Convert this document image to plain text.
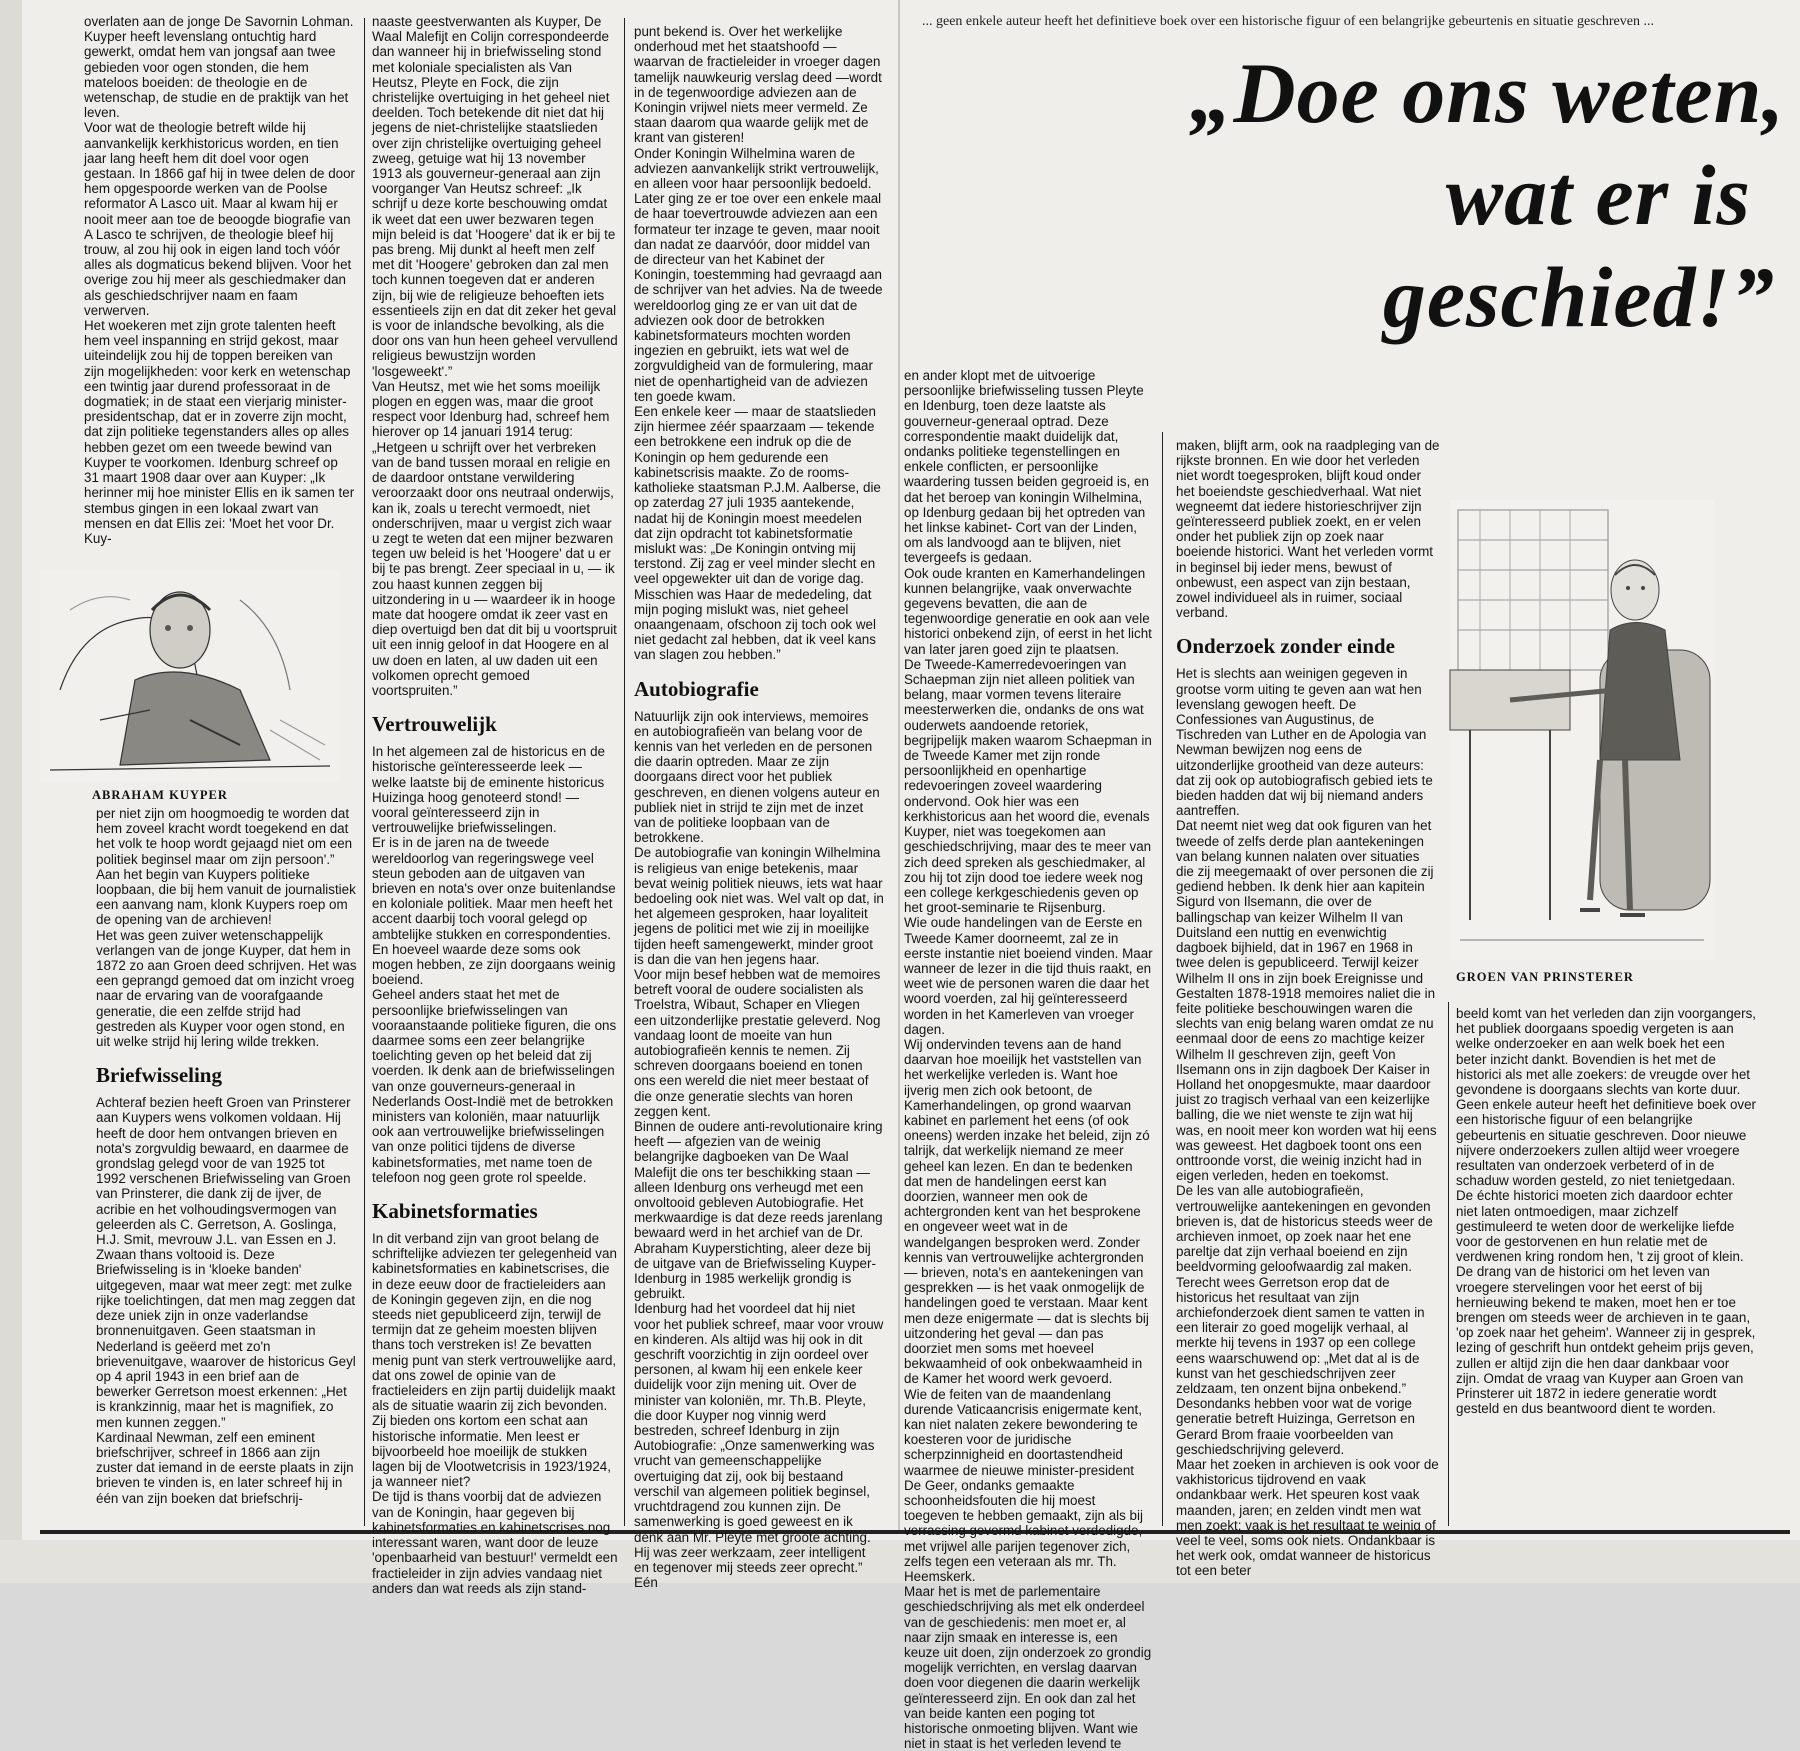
overlaten aan de jonge De Savornin Lohman.
Kuyper heeft levenslang ontuchtig hard gewerkt, omdat hem van jongsaf aan twee gebieden voor ogen stonden, die hem mateloos boeiden: de theologie en de wetenschap, de studie en de praktijk van het leven.
Voor wat de theologie betreft wilde hij aanvankelijk kerkhistoricus worden, en tien jaar lang heeft hem dit doel voor ogen gestaan. In 1866 gaf hij in twee delen de door hem opgespoorde werken van de Poolse reformator A Lasco uit. Maar al kwam hij er nooit meer aan toe de beoogde biografie van A Lasco te schrijven, de theologie bleef hij trouw, al zou hij ook in eigen land toch vóór alles als dogmaticus bekend blijven. Voor het overige zou hij meer als geschiedmaker dan als geschiedschrijver naam en faam verwerven.
Het woekeren met zijn grote talenten heeft hem veel inspanning en strijd gekost, maar uiteindelijk zou hij de toppen bereiken van zijn mogelijkheden: voor kerk en wetenschap een twintig jaar durend professoraat in de dogmatiek; in de staat een vierjarig minister-presidentschap, dat er in zoverre zijn mocht, dat zijn politieke tegenstanders alles op alles hebben gezet om een tweede bewind van Kuyper te voorkomen. Idenburg schreef op 31 maart 1908 daar over aan Kuyper: „Ik herinner mij hoe minister Ellis en ik samen ter stembus gingen in een lokaal zwart van mensen en dat Ellis zei: 'Moet het voor Dr. Kuy-

ABRAHAM KUYPER

per niet zijn om hoogmoedig te worden dat hem zoveel kracht wordt toegekend en dat het volk te hoop wordt gejaagd niet om een politiek beginsel maar om zijn persoon'.” Aan het begin van Kuypers politieke loopbaan, die bij hem vanuit de journalistiek een aanvang nam, klonk Kuypers roep om de opening van de archieven!
Het was geen zuiver wetenschappelijk verlangen van de jonge Kuyper, dat hem in 1872 zo aan Groen deed schrijven. Het was een geprangd gemoed dat om inzicht vroeg naar de ervaring van de voorafgaande generatie, die een zelfde strijd had gestreden als Kuyper voor ogen stond, en uit welke strijd hij lering wilde trekken.

Briefwisseling

Achteraf bezien heeft Groen van Prinsterer aan Kuypers wens volkomen voldaan. Hij heeft de door hem ontvangen brieven en nota's zorgvuldig bewaard, en daarmee de grondslag gelegd voor de van 1925 tot 1992 verschenen Briefwisseling van Groen van Prinsterer, die dank zij de ijver, de acribie en het volhoudingsvermogen van geleerden als C. Gerretson, A. Goslinga, H.J. Smit, mevrouw J.L. van Essen en J. Zwaan thans voltooid is. Deze Briefwisseling is in 'kloeke banden' uitgegeven, maar wat meer zegt: met zulke rijke toelichtingen, dat men mag zeggen dat deze uniek zijn in onze vaderlandse bronnenuitgaven. Geen staatsman in Nederland is geëerd met zo'n brievenuitgave, waarover de historicus Geyl op 4 april 1943 in een brief aan de bewerker Gerretson moest erkennen: „Het is krankzinnig, maar het is magnifiek, zo men kunnen zeggen.”
Kardinaal Newman, zelf een eminent briefschrijver, schreef in 1866 aan zijn zuster dat iemand in de eerste plaats in zijn brieven te vinden is, en later schreef hij in één van zijn boeken dat briefschrij-

naaste geestverwanten als Kuyper, De Waal Malefijt en Colijn correspondeerde dan wanneer hij in briefwisseling stond met koloniale specialisten als Van Heutsz, Pleyte en Fock, die zijn christelijke overtuiging in het geheel niet deelden. Toch betekende dit niet dat hij jegens de niet-christelijke staatslieden over zijn christelijke overtuiging geheel zweeg, getuige wat hij 13 november 1913 als gouverneur-generaal aan zijn voorganger Van Heutsz schreef: „Ik schrijf u deze korte beschouwing omdat ik weet dat een uwer bezwaren tegen mijn beleid is dat 'Hoogere' dat ik er bij te pas breng. Mij dunkt al heeft men zelf met dit 'Hoogere' gebroken dan zal men toch kunnen toegeven dat er anderen zijn, bij wie de religieuze behoeften iets essentieels zijn en dat dit zeker het geval is voor de inlandsche bevolking, als die door ons van hun heen geheel vervullend religieus bewustzijn worden 'losgeweekt'.”
Van Heutsz, met wie het soms moeilijk plogen en eggen was, maar die groot respect voor Idenburg had, schreef hem hierover op 14 januari 1914 terug: „Hetgeen u schrijft over het verbreken van de band tussen moraal en religie en de daardoor ontstane verwildering veroorzaakt door ons neutraal onderwijs, kan ik, zoals u terecht vermoedt, niet onderschrijven, maar u vergist zich waar u zegt te weten dat een mijner bezwaren tegen uw beleid is het 'Hoogere' dat u er bij te pas brengt. Zeer speciaal in u, — ik zou haast kunnen zeggen bij uitzondering in u — waardeer ik in hooge mate dat hoogere omdat ik zeer vast en diep overtuigd ben dat dit bij u voortspruit uit een innig geloof in dat Hoogere en al uw doen en laten, al uw daden uit een volkomen oprecht gemoed voortspruiten.”

Vertrouwelijk

In het algemeen zal de historicus en de historische geïnteresseerde leek — welke laatste bij de eminente historicus Huizinga hoog genoteerd stond! — vooral geïnteresseerd zijn in vertrouwelijke briefwisselingen.
Er is in de jaren na de tweede wereldoorlog van regeringswege veel steun geboden aan de uitgaven van brieven en nota's over onze buitenlandse en koloniale politiek. Maar men heeft het accent daarbij toch vooral gelegd op ambtelijke stukken en correspondenties. En hoeveel waarde deze soms ook mogen hebben, ze zijn doorgaans weinig boeiend.
Geheel anders staat het met de persoonlijke briefwisselingen van vooraanstaande politieke figuren, die ons daarmee soms een zeer belangrijke toelichting geven op het beleid dat zij voerden. Ik denk aan de briefwisselingen van onze gouverneurs-generaal in Nederlands Oost-Indië met de betrokken ministers van koloniën, maar natuurlijk ook aan vertrouwelijke briefwisselingen van onze politici tijdens de diverse kabinetsformaties, met name toen de telefoon nog geen grote rol speelde.

Kabinetsformaties

In dit verband zijn van groot belang de schriftelijke adviezen ter gelegenheid van kabinetsformaties en kabinetscrises, die in deze eeuw door de fractieleiders aan de Koningin gegeven zijn, en die nog steeds niet gepubliceerd zijn, terwijl de termijn dat ze geheim moesten blijven thans toch verstreken is! Ze bevatten menig punt van sterk vertrouwelijke aard, dat ons zowel de opinie van de fractieleiders en zijn partij duidelijk maakt als de situatie waarin zij zich bevonden. Zij bieden ons kortom een schat aan historische informatie. Men leest er bijvoorbeeld hoe moeilijk de stukken lagen bij de Vlootwetcrisis in 1923/1924, ja wanneer niet?
De tijd is thans voorbij dat de adviezen van de Koningin, haar gegeven bij kabinetsformaties en kabinetscrises nog interessant waren, want door de leuze 'openbaarheid van bestuur!' vermeldt een fractieleider in zijn advies vandaag niet anders dan wat reeds als zijn stand-

punt bekend is. Over het werkelijke onderhoud met het staatshoofd — waarvan de fractieleider in vroeger dagen tamelijk nauwkeurig verslag deed —wordt in de tegenwoordige adviezen aan de Koningin vrijwel niets meer vermeld. Ze staan daarom qua waarde gelijk met de krant van gisteren!
Onder Koningin Wilhelmina waren de adviezen aanvankelijk strikt vertrouwelijk, en alleen voor haar persoonlijk bedoeld. Later ging ze er toe over een enkele maal de haar toevertrouwde adviezen aan een formateur ter inzage te geven, maar nooit dan nadat ze daarvóór, door middel van de directeur van het Kabinet der Koningin, toestemming had gevraagd aan de schrijver van het advies. Na de tweede wereldoorlog ging ze er van uit dat de adviezen ook door de betrokken kabinetsformateurs mochten worden ingezien en gebruikt, iets wat wel de zorgvuldigheid van de formulering, maar niet de openhartigheid van de adviezen ten goede kwam.
Een enkele keer — maar de staatslieden zijn hiermee zéér spaarzaam — tekende een betrokkene een indruk op die de Koningin op hem gedurende een kabinetscrisis maakte. Zo de rooms-katholieke staatsman P.J.M. Aalberse, die op zaterdag 27 juli 1935 aantekende, nadat hij de Koningin moest meedelen dat zijn opdracht tot kabinetsformatie mislukt was: „De Koningin ontving mij terstond. Zij zag er veel minder slecht en veel opgewekter uit dan de vorige dag. Misschien was Haar de mededeling, dat mijn poging mislukt was, niet geheel onaangenaam, ofschoon zij toch ook wel niet gedacht zal hebben, dat ik veel kans van slagen zou hebben.”

Autobiografie

Natuurlijk zijn ook interviews, memoires en autobiografieën van belang voor de kennis van het verleden en de personen die daarin optreden. Maar ze zijn doorgaans direct voor het publiek geschreven, en dienen volgens auteur en publiek niet in strijd te zijn met de inzet van de politieke loopbaan van de betrokkene.
De autobiografie van koningin Wilhelmina is religieus van enige betekenis, maar bevat weinig politiek nieuws, iets wat haar bedoeling ook niet was. Wel valt op dat, in het algemeen gesproken, haar loyaliteit jegens de politici met wie zij in moeilijke tijden heeft samengewerkt, minder groot is dan die van hen jegens haar.
Voor mijn besef hebben wat de memoires betreft vooral de oudere socialisten als Troelstra, Wibaut, Schaper en Vliegen een uitzonderlijke prestatie geleverd. Nog vandaag loont de moeite van hun autobiografieën kennis te nemen. Zij schreven doorgaans boeiend en tonen ons een wereld die niet meer bestaat of die onze generatie slechts van horen zeggen kent.
Binnen de oudere anti-revolutionaire kring heeft — afgezien van de weinig belangrijke dagboeken van De Waal Malefijt die ons ter beschikking staan — alleen Idenburg ons verheugd met een onvoltooid gebleven Autobiografie. Het merkwaardige is dat deze reeds jarenlang bewaard werd in het archief van de Dr. Abraham Kuyperstichting, aleer deze bij de uitgave van de Briefwisseling Kuyper-Idenburg in 1985 werkelijk grondig is gebruikt.
Idenburg had het voordeel dat hij niet voor het publiek schreef, maar voor vrouw en kinderen. Als altijd was hij ook in dit geschrift voorzichtig in zijn oordeel over personen, al kwam hij een enkele keer duidelijk voor zijn mening uit. Over de minister van koloniën, mr. Th.B. Pleyte, die door Kuyper nog vinnig werd bestreden, schreef Idenburg in zijn Autobiografie: „Onze samenwerking was vrucht van gemeenschappelijke overtuiging dat zij, ook bij bestaand verschil van algemeen politiek beginsel, vruchtdragend zou kunnen zijn. De samenwerking is goed geweest en ik denk aan Mr. Pleyte met groote achting. Hij was zeer werkzaam, zeer intelligent en tegenover mij steeds zeer oprecht.” Eén

... geen enkele auteur heeft het definitieve boek over een historische figuur of een belangrijke gebeurtenis en situatie geschreven ...
„Doe ons weten,
wat er is
geschied!”

en ander klopt met de uitvoerige persoonlijke briefwisseling tussen Pleyte en Idenburg, toen deze laatste als gouverneur-generaal optrad. Deze correspondentie maakt duidelijk dat, ondanks politieke tegenstellingen en enkele conflicten, er persoonlijke waardering tussen beiden gegroeid is, en dat het beroep van koningin Wilhelmina, op Idenburg gedaan bij het optreden van het linkse kabinet- Cort van der Linden, om als landvoogd aan te blijven, niet tevergeefs is gedaan.
Ook oude kranten en Kamerhandelingen kunnen belangrijke, vaak onverwachte gegevens bevatten, die aan de tegenwoordige generatie en ook aan vele historici onbekend zijn, of eerst in het licht van later jaren goed zijn te plaatsen.
De Tweede-Kamerredevoeringen van Schaepman zijn niet alleen politiek van belang, maar vormen tevens literaire meesterwerken die, ondanks de ons wat ouderwets aandoende retoriek, begrijpelijk maken waarom Schaepman in de Tweede Kamer met zijn ronde persoonlijkheid en openhartige redevoeringen zoveel waardering ondervond. Ook hier was een kerkhistoricus aan het woord die, evenals Kuyper, niet was toegekomen aan geschiedschrijving, maar des te meer van zich deed spreken als geschiedmaker, al zou hij tot zijn dood toe iedere week nog een college kerkgeschiedenis geven op het groot-seminarie te Rijsenburg.
Wie oude handelingen van de Eerste en Tweede Kamer doorneemt, zal ze in eerste instantie niet boeiend vinden. Maar wanneer de lezer in die tijd thuis raakt, en weet wie de personen waren die daar het woord voerden, zal hij geïnteresseerd worden in het Kamerleven van vroeger dagen.
Wij ondervinden tevens aan de hand daarvan hoe moeilijk het vaststellen van het werkelijke verleden is. Want hoe ijverig men zich ook betoont, de Kamerhandelingen, op grond waarvan kabinet en parlement het eens (of ook oneens) werden inzake het beleid, zijn zó talrijk, dat werkelijk niemand ze meer geheel kan lezen. En dan te bedenken dat men de handelingen eerst kan doorzien, wanneer men ook de achtergronden kent van het besprokene en ongeveer weet wat in de wandelgangen besproken werd. Zonder kennis van vertrouwelijke achtergronden — brieven, nota's en aantekeningen van gesprekken — is het vaak onmogelijk de handelingen goed te verstaan. Maar kent men deze enigermate — dat is slechts bij uitzondering het geval — dan pas doorziet men soms met hoeveel bekwaamheid of ook onbekwaamheid in de Kamer het woord werk gevoerd.
Wie de feiten van de maandenlang durende Vaticaancrisis enigermate kent, kan niet nalaten zekere bewondering te koesteren voor de juridische scherpzinnigheid en doortastendheid waarmee de nieuwe minister-president De Geer, ondanks gemaakte schoonheidsfouten die hij moest toegeven te hebben gemaakt, zijn als bij verrassing gevormd kabinet verdedigde, met vrijwel alle parijen tegenover zich, zelfs tegen een veteraan als mr. Th. Heemskerk.
Maar het is met de parlementaire geschiedschrijving als met elk onderdeel van de geschiedenis: men moet er, al naar zijn smaak en interesse is, een keuze uit doen, zijn onderzoek zo grondig mogelijk verrichten, en verslag daarvan doen voor diegenen die daarin werkelijk geïnteresseerd zijn. En ook dan zal het van beide kanten een poging tot historische onmoeting blijven. Want wie niet in staat is het verleden levend te

maken, blijft arm, ook na raadpleging van de rijkste bronnen. En wie door het verleden niet wordt toegesproken, blijft koud onder het boeiendste geschiedverhaal. Wat niet wegneemt dat iedere historieschrijver zijn geïnteresseerd publiek zoekt, en er velen onder het publiek zijn op zoek naar boeiende historici. Want het verleden vormt in beginsel bij ieder mens, bewust of onbewust, een aspect van zijn bestaan, zowel individueel als in ruimer, sociaal verband.

Onderzoek zonder einde

Het is slechts aan weinigen gegeven in grootse vorm uiting te geven aan wat hen levenslang gewogen heeft. De Confessiones van Augustinus, de Tischreden van Luther en de Apologia van Newman bewijzen nog eens de uitzonderlijke grootheid van deze auteurs: dat zij ook op autobiografisch gebied iets te bieden hadden dat wij bij niemand anders aantreffen.
Dat neemt niet weg dat ook figuren van het tweede of zelfs derde plan aantekeningen van belang kunnen nalaten over situaties die zij meegemaakt of over personen die zij gediend hebben. Ik denk hier aan kapitein Sigurd von Ilsemann, die over de ballingschap van keizer Wilhelm II van Duitsland een nuttig en evenwichtig dagboek bijhield, dat in 1967 en 1968 in twee delen is gepubliceerd. Terwijl keizer Wilhelm II ons in zijn boek Ereignisse und Gestalten 1878-1918 memoires naliet die in feite politieke beschouwingen waren die slechts van enig belang waren omdat ze nu eenmaal door de eens zo machtige keizer Wilhelm II geschreven zijn, geeft Von Ilsemann ons in zijn dagboek Der Kaiser in Holland het onopgesmukte, maar daardoor juist zo tragisch verhaal van een keizerlijke balling, die we niet wenste te zijn wat hij was, en nooit meer kon worden wat hij eens was geweest. Het dagboek toont ons een onttroonde vorst, die weinig inzicht had in eigen verleden, heden en toekomst.
De les van alle autobiografieën, vertrouwelijke aantekeningen en gevonden brieven is, dat de historicus steeds weer de archieven inmoet, op zoek naar het ene pareltje dat zijn verhaal boeiend en zijn beeldvorming geloofwaardig zal maken. Terecht wees Gerretson erop dat de historicus het resultaat van zijn archiefonderzoek dient samen te vatten in een literair zo goed mogelijk verhaal, al merkte hij tevens in 1937 op een college eens waarschuwend op: „Met dat al is de kunst van het geschiedschrijven zeer zeldzaam, ten onzent bijna onbekend.”
Desondanks hebben voor wat de vorige generatie betreft Huizinga, Gerretson en Gerard Brom fraaie voorbeelden van geschiedschrijving geleverd.
Maar het zoeken in archieven is ook voor de vakhistoricus tijdrovend en vaak ondankbaar werk. Het speuren kost vaak maanden, jaren; en zelden vindt men wat men zoekt; vaak is het resultaat te weinig of veel te veel, soms ook niets. Ondankbaar is het werk ook, omdat wanneer de historicus tot een beter

GROEN VAN PRINSTERER

beeld komt van het verleden dan zijn voorgangers, het publiek doorgaans spoedig vergeten is aan welke onderzoeker en aan welk boek het een beter inzicht dankt. Bovendien is het met de historici als met alle zoekers: de vreugde over het gevondene is doorgaans slechts van korte duur. Geen enkele auteur heeft het definitieve boek over een historische figuur of een belangrijke gebeurtenis en situatie geschreven. Door nieuwe nijvere onderzoekers zullen altijd weer vroegere resultaten van onderzoek verbeterd of in de schaduw worden gesteld, zo niet tenietgedaan.
De échte historici moeten zich daardoor echter niet laten ontmoedigen, maar zichzelf gestimuleerd te weten door de werkelijke liefde voor de gestorvenen en hun relatie met de verdwenen kring rondom hen, 't zij groot of klein. De drang van de historici om het leven van vroegere stervelingen voor het eerst of bij hernieuwing bekend te maken, moet hen er toe brengen om steeds weer de archieven in te gaan, 'op zoek naar het geheim'. Wanneer zij in gesprek, lezing of geschrift hun ontdekt geheim prijs geven, zullen er altijd zijn die hen daar dankbaar voor zijn. Omdat de vraag van Kuyper aan Groen van Prinsterer uit 1872 in iedere generatie wordt gesteld en dus beantwoord dient te worden.
